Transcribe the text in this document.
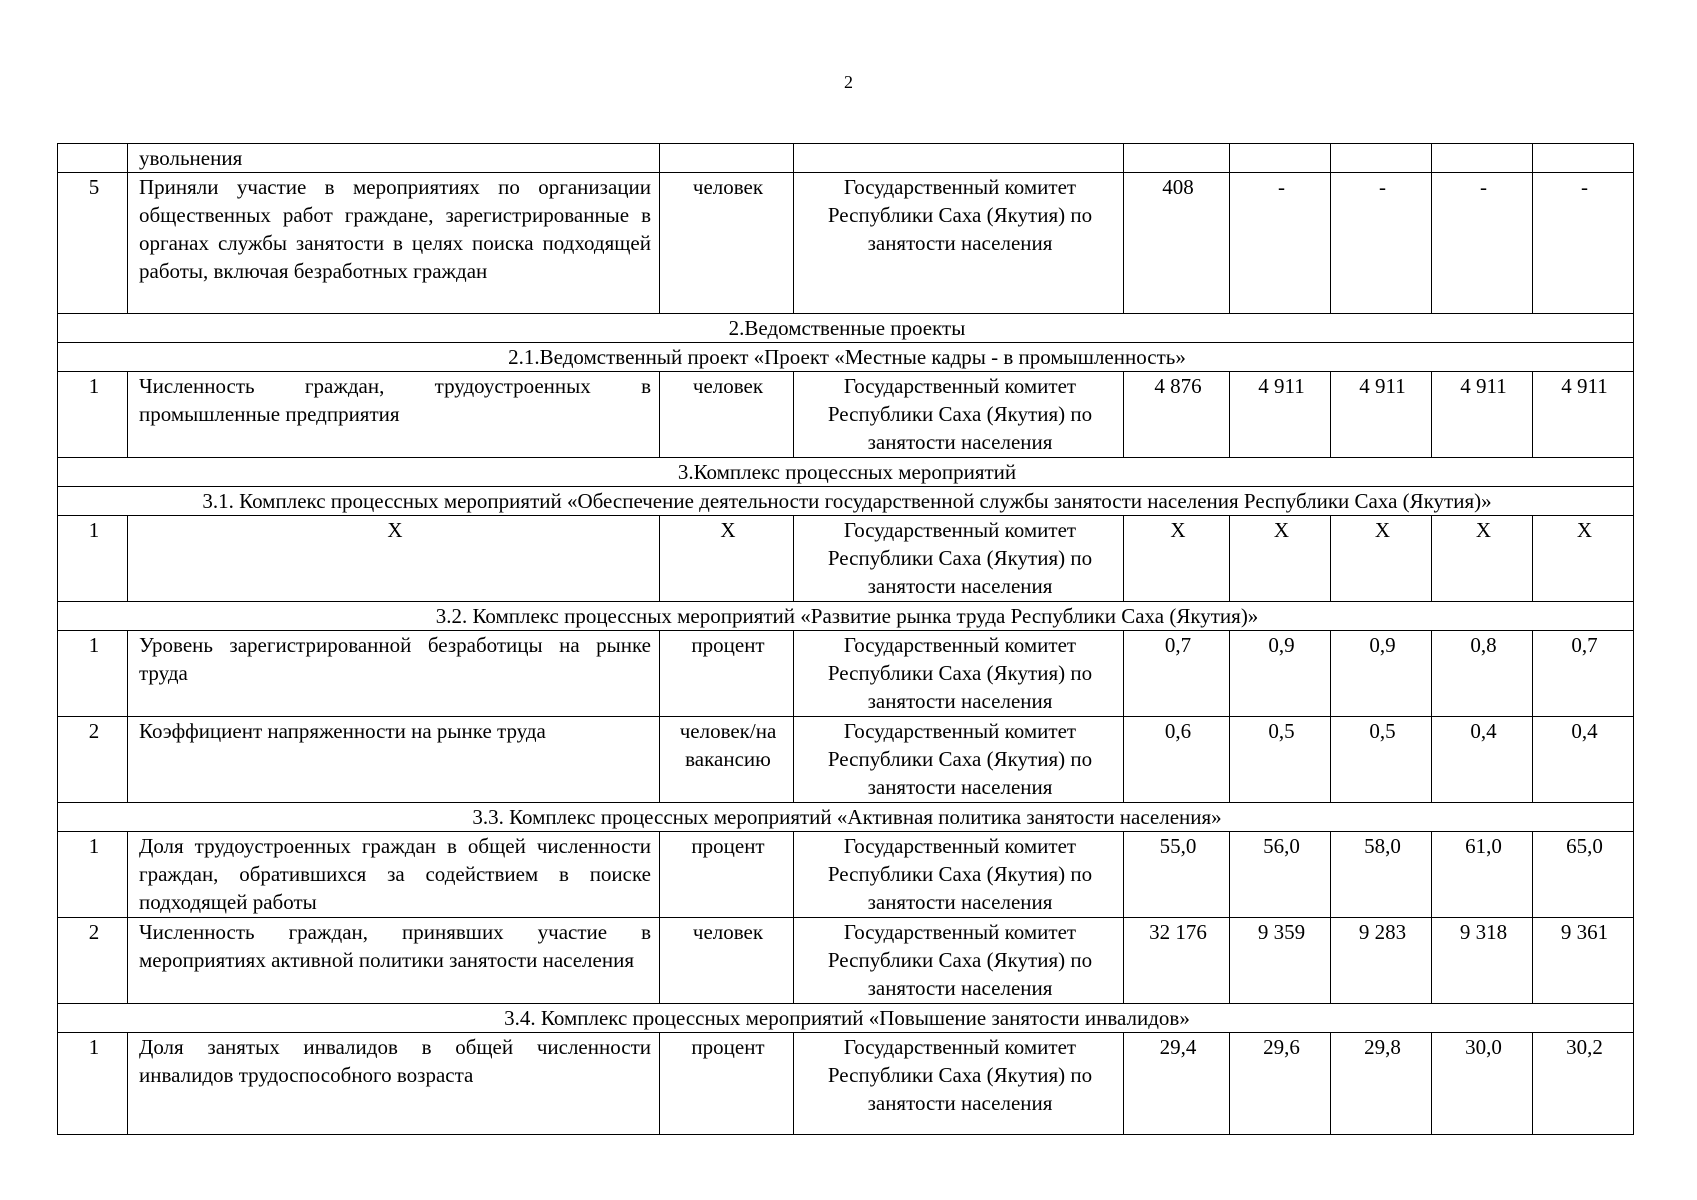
2
	увольнения							
5	Приняли участие в мероприятиях по организации общественных работ граждане, зарегистрированные в органах службы занятости в целях поиска подходящей работы, включая безработных граждан	человек	Государственный комитет Республики Саха (Якутия) по занятости населения	408	-	-	-	-
2.Ведомственные проекты								
2.1.Ведомственный проект «Проект «Местные кадры - в промышленность»								
1	Численность граждан, трудоустроенных в промышленные предприятия	человек	Государственный комитет Республики Саха (Якутия) по занятости населения	4 876	4 911	4 911	4 911	4 911
3.Комплекс процессных мероприятий								
3.1. Комплекс процессных мероприятий «Обеспечение деятельности государственной службы занятости населения Республики Саха (Якутия)»								
1	Х	Х	Государственный комитет Республики Саха (Якутия) по занятости населения	Х	Х	Х	Х	Х
3.2. Комплекс процессных мероприятий «Развитие рынка труда Республики Саха (Якутия)»								
1	Уровень зарегистрированной безработицы на рынке труда	процент	Государственный комитет Республики Саха (Якутия) по занятости населения	0,7	0,9	0,9	0,8	0,7
2	Коэффициент напряженности на рынке труда	человек/на вакансию	Государственный комитет Республики Саха (Якутия) по занятости населения	0,6	0,5	0,5	0,4	0,4
3.3. Комплекс процессных мероприятий «Активная политика занятости населения»								
1	Доля трудоустроенных граждан в общей численности граждан, обратившихся за содействием в поиске подходящей работы	процент	Государственный комитет Республики Саха (Якутия) по занятости населения	55,0	56,0	58,0	61,0	65,0
2	Численность граждан, принявших участие в мероприятиях активной политики занятости населения	человек	Государственный комитет Республики Саха (Якутия) по занятости населения	32 176	9 359	9 283	9 318	9 361
3.4. Комплекс процессных мероприятий «Повышение занятости инвалидов»								
1	Доля занятых инвалидов в общей численности инвалидов трудоспособного возраста	процент	Государственный комитет Республики Саха (Якутия) по занятости населения	29,4	29,6	29,8	30,0	30,2
